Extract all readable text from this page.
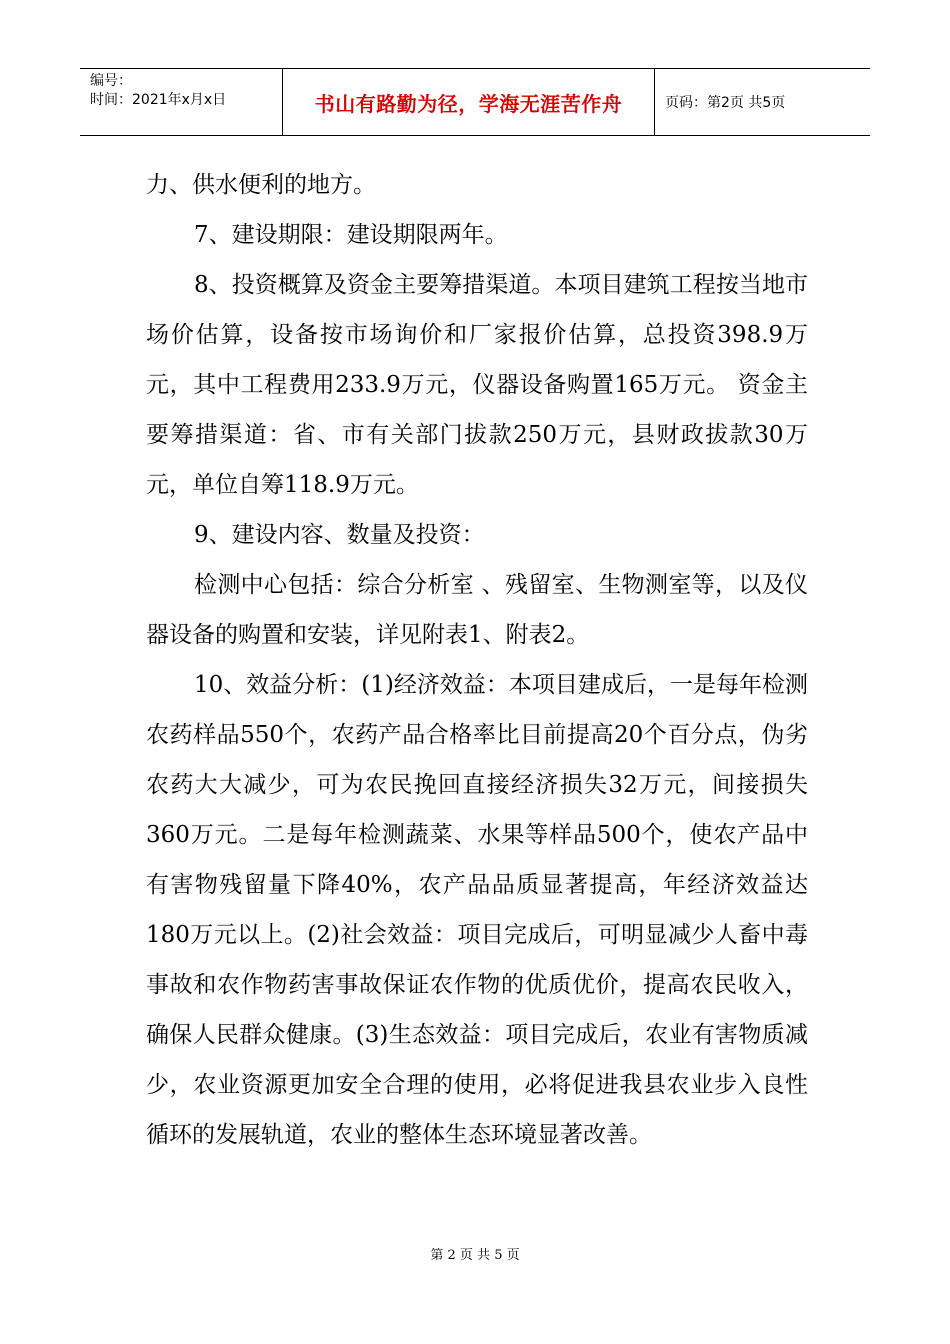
编号：
时间：2021年x月x日	书山有路勤为径，学海无涯苦作舟	页码：第2页 共5页

力、供水便利的地方。

7、建设期限：建设期限两年。

8、投资概算及资金主要筹措渠道。本项目建筑工程按当地市场价估算，设备按市场询价和厂家报价估算，总投资398.9万元，其中工程费用233.9万元，仪器设备购置165万元。 资金主要筹措渠道：省、市有关部门拔款250万元，县财政拔款30万元，单位自筹118.9万元。

9、建设内容、数量及投资：

检测中心包括：综合分析室 、残留室、生物测室等，以及仪器设备的购置和安装，详见附表1、附表2。

10、效益分析：(1)经济效益：本项目建成后，一是每年检测农药样品550个，农药产品合格率比目前提高20个百分点，伪劣农药大大减少，可为农民挽回直接经济损失32万元，间接损失360万元。二是每年检测蔬菜、水果等样品500个，使农产品中有害物残留量下降40%，农产品品质显著提高，年经济效益达180万元以上。(2)社会效益：项目完成后，可明显减少人畜中毒事故和农作物药害事故保证农作物的优质优价，提高农民收入，确保人民群众健康。(3)生态效益：项目完成后，农业有害物质减少，农业资源更加安全合理的使用，必将促进我县农业步入良性循环的发展轨道，农业的整体生态环境显著改善。

第 2 页 共 5 页
